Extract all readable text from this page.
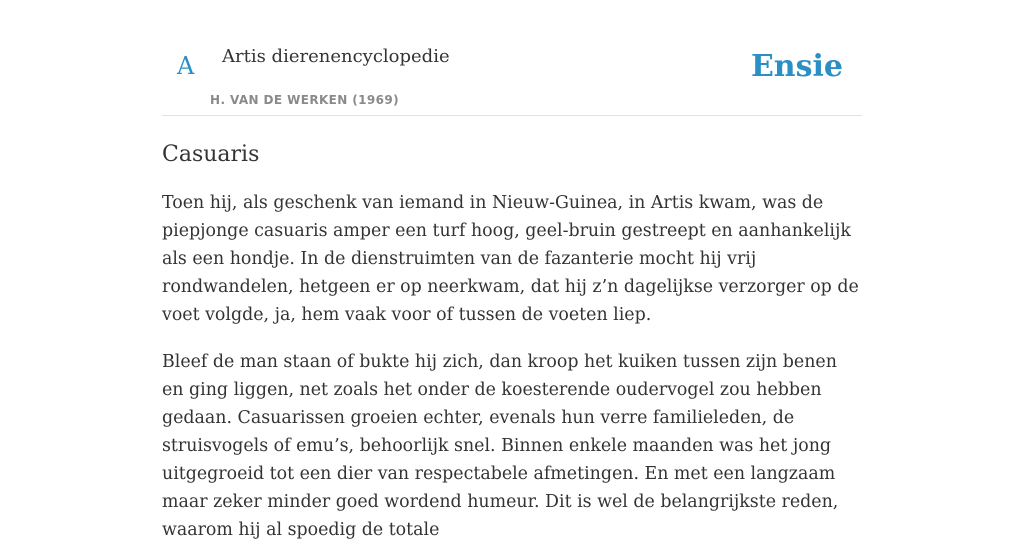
A Artis dierenencyclopedie
H. VAN DE WERKEN (1969)
Ensie
Casuaris

Toen hij, als geschenk van iemand in Nieuw-Guinea, in Artis kwam, was de piepjonge casuaris amper een turf hoog, geel-bruin gestreept en aanhankelijk als een hondje. In de dienstruimten van de fazanterie mocht hij vrij rondwandelen, hetgeen er op neerkwam, dat hij z’n dagelijkse verzorger op de voet volgde, ja, hem vaak voor of tussen de voeten liep.

Bleef de man staan of bukte hij zich, dan kroop het kuiken tussen zijn benen en ging liggen, net zoals het onder de koesterende oudervogel zou hebben gedaan. Casuarissen groeien echter, evenals hun verre familieleden, de struisvogels of emu’s, behoorlijk snel. Binnen enkele maanden was het jong uitgegroeid tot een dier van respectabele afmetingen. En met een langzaam maar zeker minder goed wordend humeur. Dit is wel de belangrijkste reden, waarom hij al spoedig de totale
